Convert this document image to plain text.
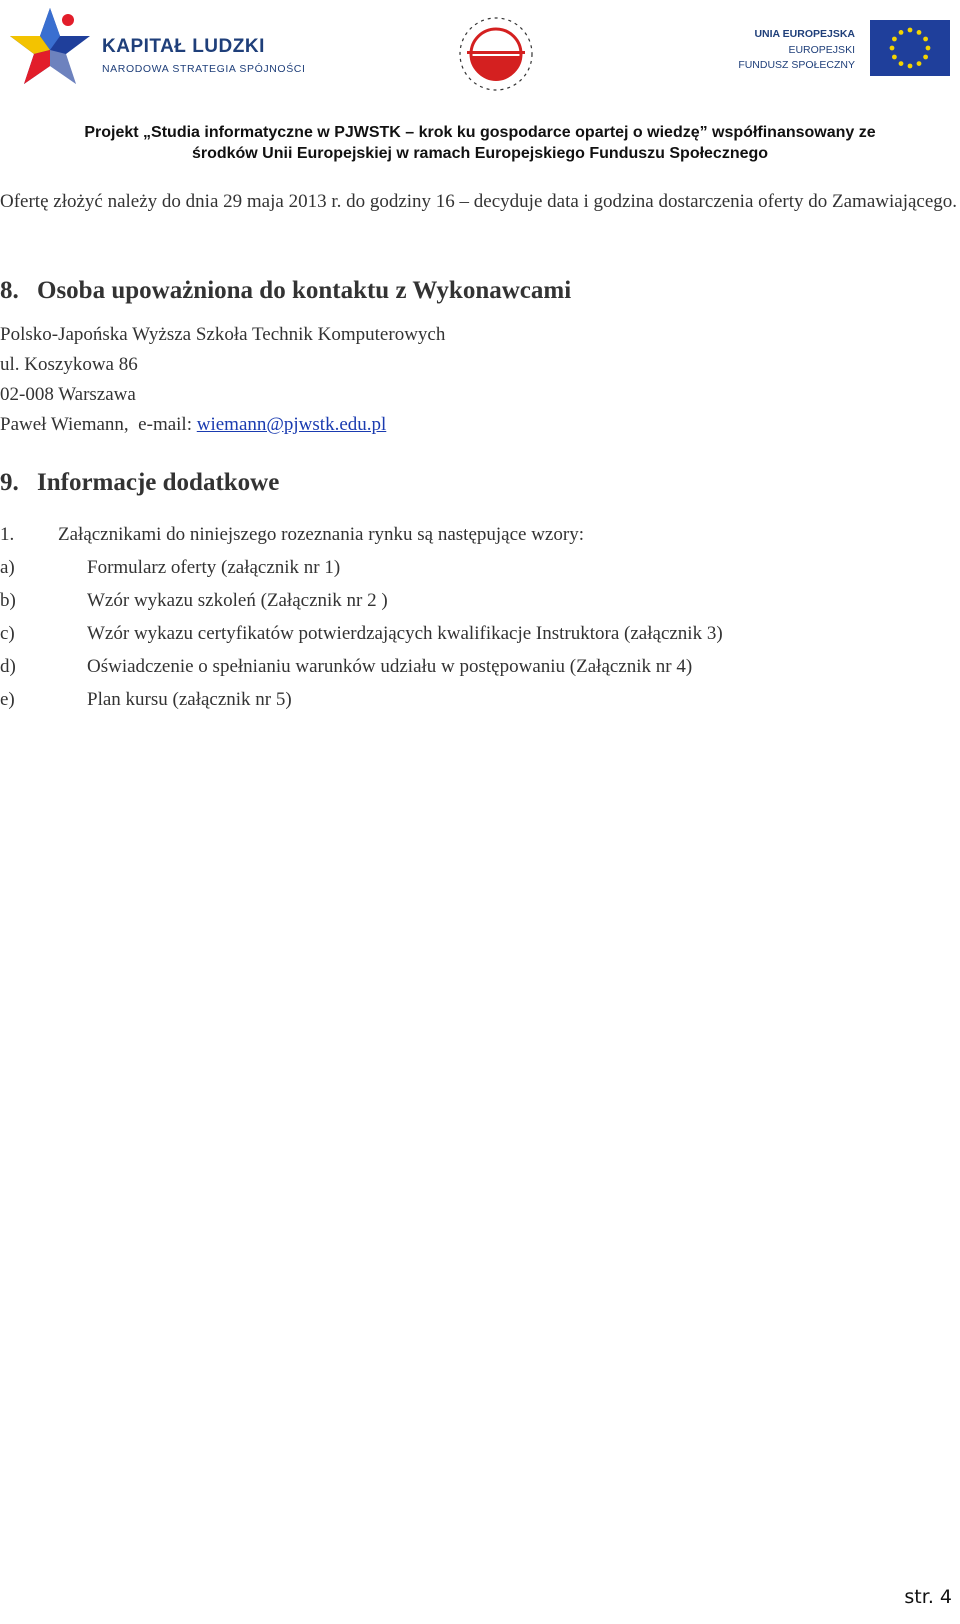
KAPITAŁ LUDZKI
NARODOWA STRATEGIA SPÓJNOŚCI
UNIA EUROPEJSKA
EUROPEJSKI
FUNDUSZ SPOŁECZNY
Projekt „Studia informatyczne w PJWSTK – krok ku gospodarce opartej o wiedzę” współfinansowany ze
środków Unii Europejskiej w ramach Europejskiego Funduszu Społecznego

Ofertę złożyć należy do dnia 29 maja 2013 r. do godziny 16 – decyduje data i godzina dostarczenia oferty do Zamawiającego.

8. Osoba upoważniona do kontaktu z Wykonawcami
Polsko-Japońska Wyższa Szkoła Technik Komputerowych
ul. Koszykowa 86
02-008 Warszawa
Paweł Wiemann,  e-mail: wiemann@pjwstk.edu.pl
9. Informacje dodatkowe
1. Załącznikami do niniejszego rozeznania rynku są następujące wzory:
a)	Formularz oferty (załącznik nr 1)
b)	Wzór wykazu szkoleń (Załącznik nr 2 )
c)	Wzór wykazu certyfikatów potwierdzających kwalifikacje Instruktora (załącznik 3)
d)	Oświadczenie o spełnianiu warunków udziału w postępowaniu (Załącznik nr 4)
e)	Plan kursu (załącznik nr 5)
str. 4
